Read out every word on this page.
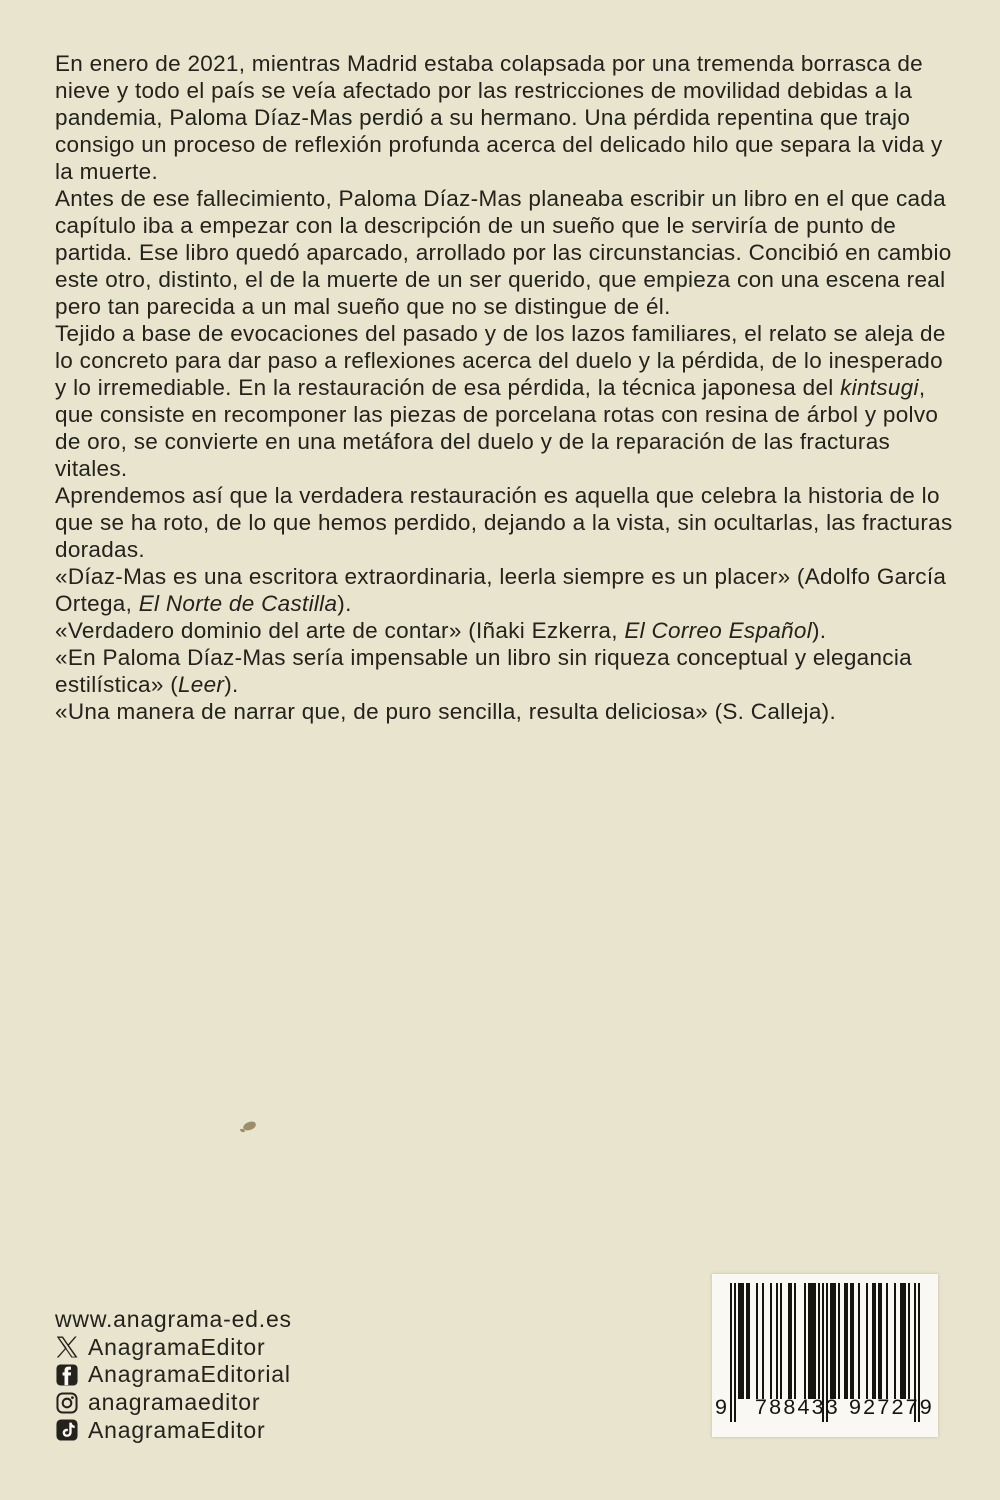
En enero de 2021, mientras Madrid estaba colapsada por una tremenda borrasca de nieve y todo el país se veía afectado por las restricciones de movilidad debidas a la pandemia, Paloma Díaz-Mas perdió a su hermano. Una pérdida repentina que trajo consigo un proceso de reflexión profunda acerca del delicado hilo que separa la vida y la muerte.

Antes de ese fallecimiento, Paloma Díaz-Mas planeaba escribir un libro en el que cada capítulo iba a empezar con la descripción de un sueño que le serviría de punto de partida. Ese libro quedó aparcado, arrollado por las circunstancias. Concibió en cambio este otro, distinto, el de la muerte de un ser querido, que empieza con una escena real pero tan parecida a un mal sueño que no se distingue de él.

Tejido a base de evocaciones del pasado y de los lazos familiares, el relato se aleja de lo concreto para dar paso a reflexiones acerca del duelo y la pérdida, de lo inesperado y lo irremediable. En la restauración de esa pérdida, la técnica japonesa del kintsugi, que consiste en recomponer las piezas de porcelana rotas con resina de árbol y polvo de oro, se convierte en una metáfora del duelo y de la reparación de las fracturas vitales.

Aprendemos así que la verdadera restauración es aquella que celebra la historia de lo que se ha roto, de lo que hemos perdido, dejando a la vista, sin ocultarlas, las fracturas doradas.

«Díaz-Mas es una escritora extraordinaria, leerla siempre es un placer» (Adolfo García Ortega, El Norte de Castilla).

«Verdadero dominio del arte de contar» (Iñaki Ezkerra, El Correo Español).

«En Paloma Díaz-Mas sería impensable un libro sin riqueza conceptual y elegancia estilística» (Leer).

«Una manera de narrar que, de puro sencilla, resulta deliciosa» (S. Calleja).

www.anagrama-ed.es
AnagramaEditor
AnagramaEditorial
anagramaeditor
AnagramaEditor
9 788433 927279
